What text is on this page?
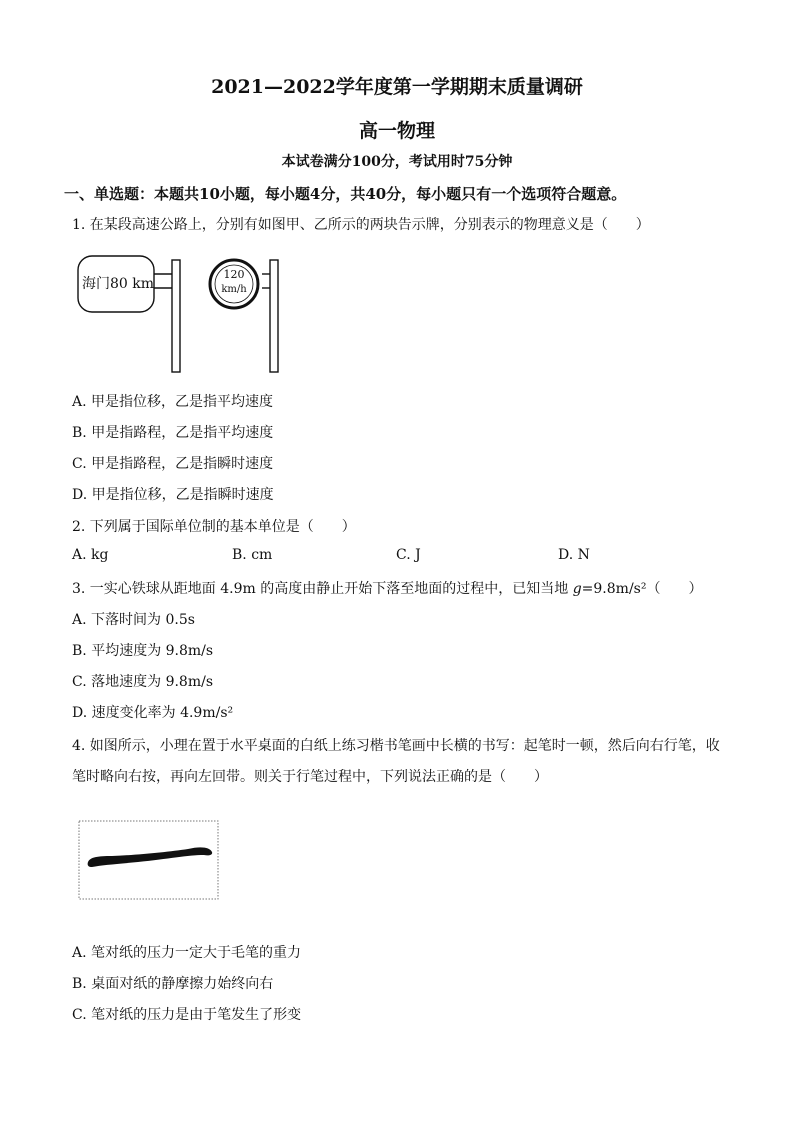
2021—2022学年度第一学期期末质量调研
高一物理
本试卷满分100分，考试用时75分钟
一、单选题：本题共10小题，每小题4分，共40分，每小题只有一个选项符合题意。
1. 在某段高速公路上，分别有如图甲、乙所示的两块告示牌，分别表示的物理意义是（　　）
海门80 km
120
km/h
A. 甲是指位移，乙是指平均速度
B. 甲是指路程，乙是指平均速度
C. 甲是指路程，乙是指瞬时速度
D. 甲是指位移，乙是指瞬时速度
2. 下列属于国际单位制的基本单位是（　　）
A. kg	B. cm	C. J	D. N
3. 一实心铁球从距地面 4.9m 的高度由静止开始下落至地面的过程中，已知当地 g=9.8m/s²（　　）
A. 下落时间为 0.5s
B. 平均速度为 9.8m/s
C. 落地速度为 9.8m/s
D. 速度变化率为 4.9m/s²
4. 如图所示，小理在置于水平桌面的白纸上练习楷书笔画中长横的书写：起笔时一顿，然后向右行笔，收
笔时略向右按，再向左回带。则关于行笔过程中，下列说法正确的是（　　）
A. 笔对纸的压力一定大于毛笔的重力
B. 桌面对纸的静摩擦力始终向右
C. 笔对纸的压力是由于笔发生了形变
